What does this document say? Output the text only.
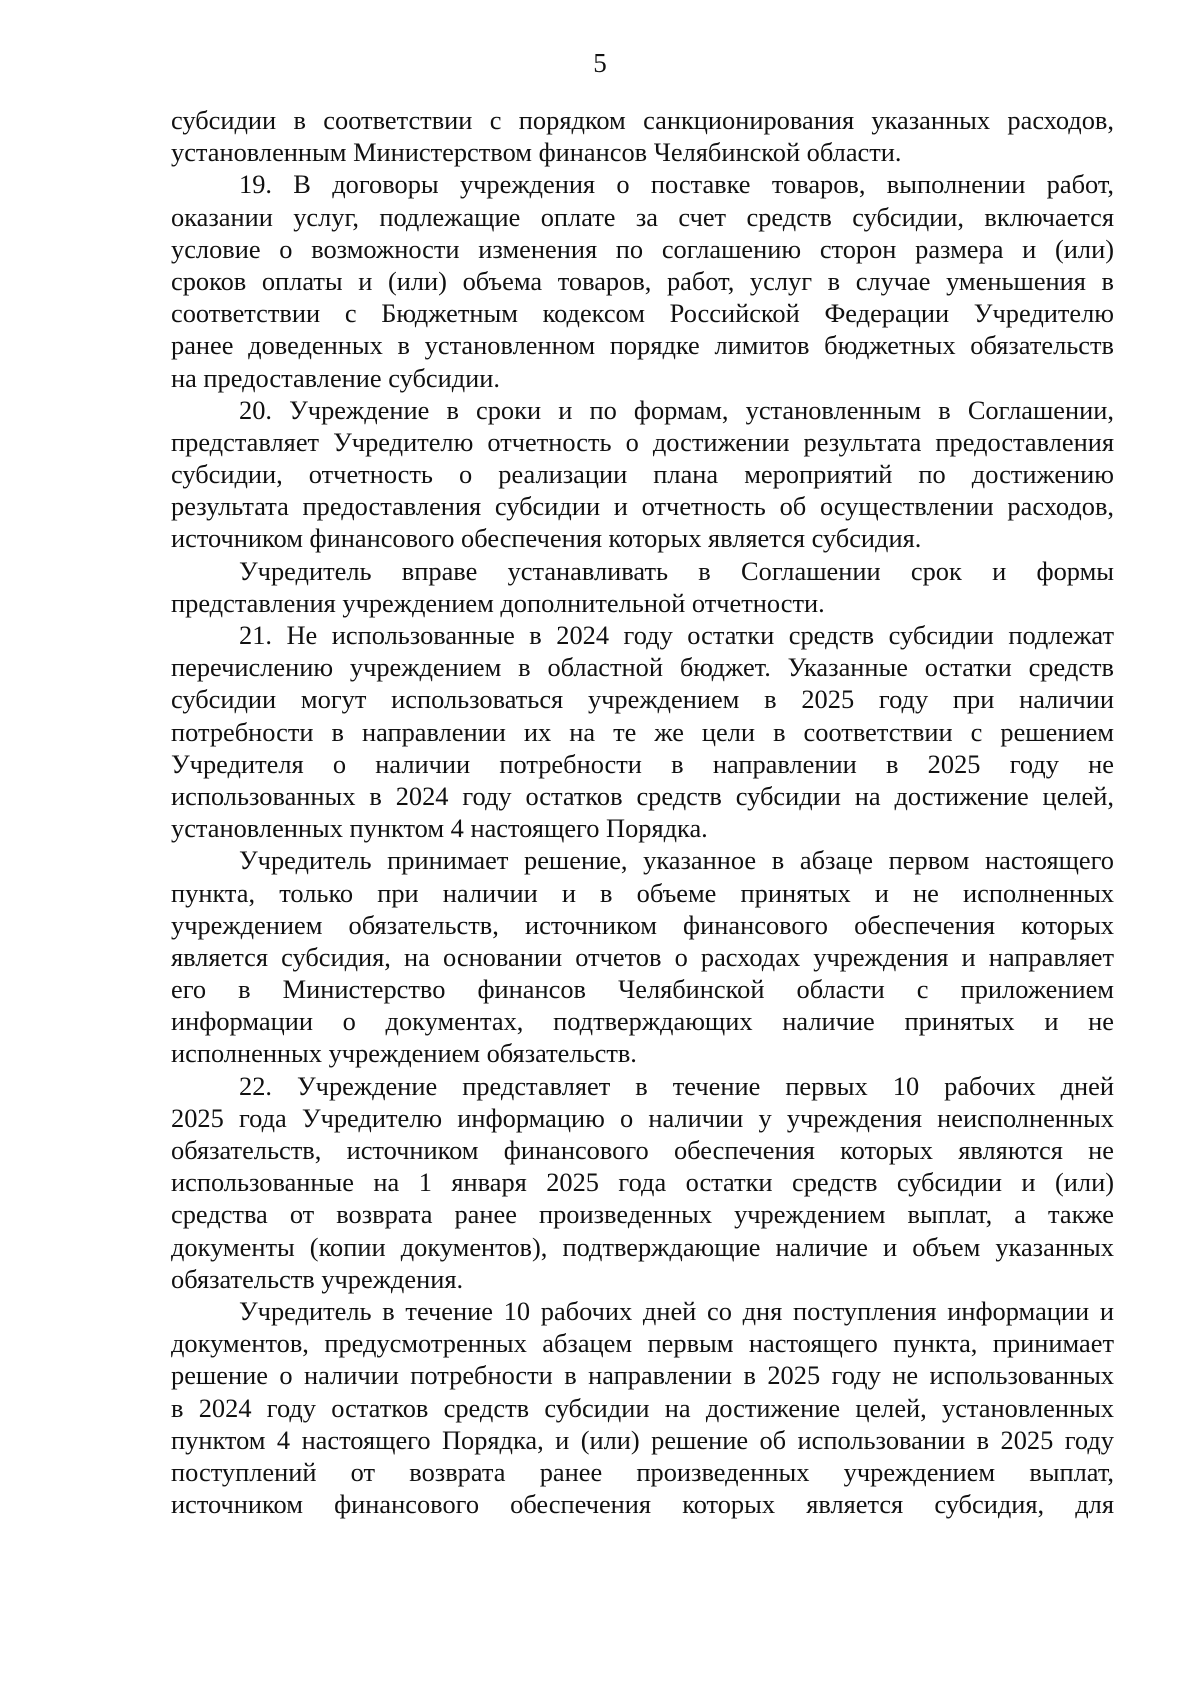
5
субсидии в соответствии с порядком санкционирования указанных расходов,
установленным Министерством финансов Челябинской области.
19. В договоры учреждения о поставке товаров, выполнении работ,
оказании услуг, подлежащие оплате за счет средств субсидии, включается
условие о возможности изменения по соглашению сторон размера и (или)
сроков оплаты и (или) объема товаров, работ, услуг в случае уменьшения в
соответствии с Бюджетным кодексом Российской Федерации Учредителю
ранее доведенных в установленном порядке лимитов бюджетных обязательств
на предоставление субсидии.
20. Учреждение в сроки и по формам, установленным в Соглашении,
представляет Учредителю отчетность о достижении результата предоставления
субсидии, отчетность о реализации плана мероприятий по достижению
результата предоставления субсидии и отчетность об осуществлении расходов,
источником финансового обеспечения которых является субсидия.
Учредитель вправе устанавливать в Соглашении срок и формы
представления учреждением дополнительной отчетности.
21. Не использованные в 2024 году остатки средств субсидии подлежат
перечислению учреждением в областной бюджет. Указанные остатки средств
субсидии могут использоваться учреждением в 2025 году при наличии
потребности в направлении их на те же цели в соответствии с решением
Учредителя о наличии потребности в направлении в 2025 году не
использованных в 2024 году остатков средств субсидии на достижение целей,
установленных пунктом 4 настоящего Порядка.
Учредитель принимает решение, указанное в абзаце первом настоящего
пункта, только при наличии и в объеме принятых и не исполненных
учреждением обязательств, источником финансового обеспечения которых
является субсидия, на основании отчетов о расходах учреждения и направляет
его в Министерство финансов Челябинской области с приложением
информации о документах, подтверждающих наличие принятых и не
исполненных учреждением обязательств.
22. Учреждение представляет в течение первых 10 рабочих дней
2025 года Учредителю информацию о наличии у учреждения неисполненных
обязательств, источником финансового обеспечения которых являются не
использованные на 1 января 2025 года остатки средств субсидии и (или)
средства от возврата ранее произведенных учреждением выплат, а также
документы (копии документов), подтверждающие наличие и объем указанных
обязательств учреждения.
Учредитель в течение 10 рабочих дней со дня поступления информации и
документов, предусмотренных абзацем первым настоящего пункта, принимает
решение о наличии потребности в направлении в 2025 году не использованных
в 2024 году остатков средств субсидии на достижение целей, установленных
пунктом 4 настоящего Порядка, и (или) решение об использовании в 2025 году
поступлений от возврата ранее произведенных учреждением выплат,
источником финансового обеспечения которых является субсидия, для
